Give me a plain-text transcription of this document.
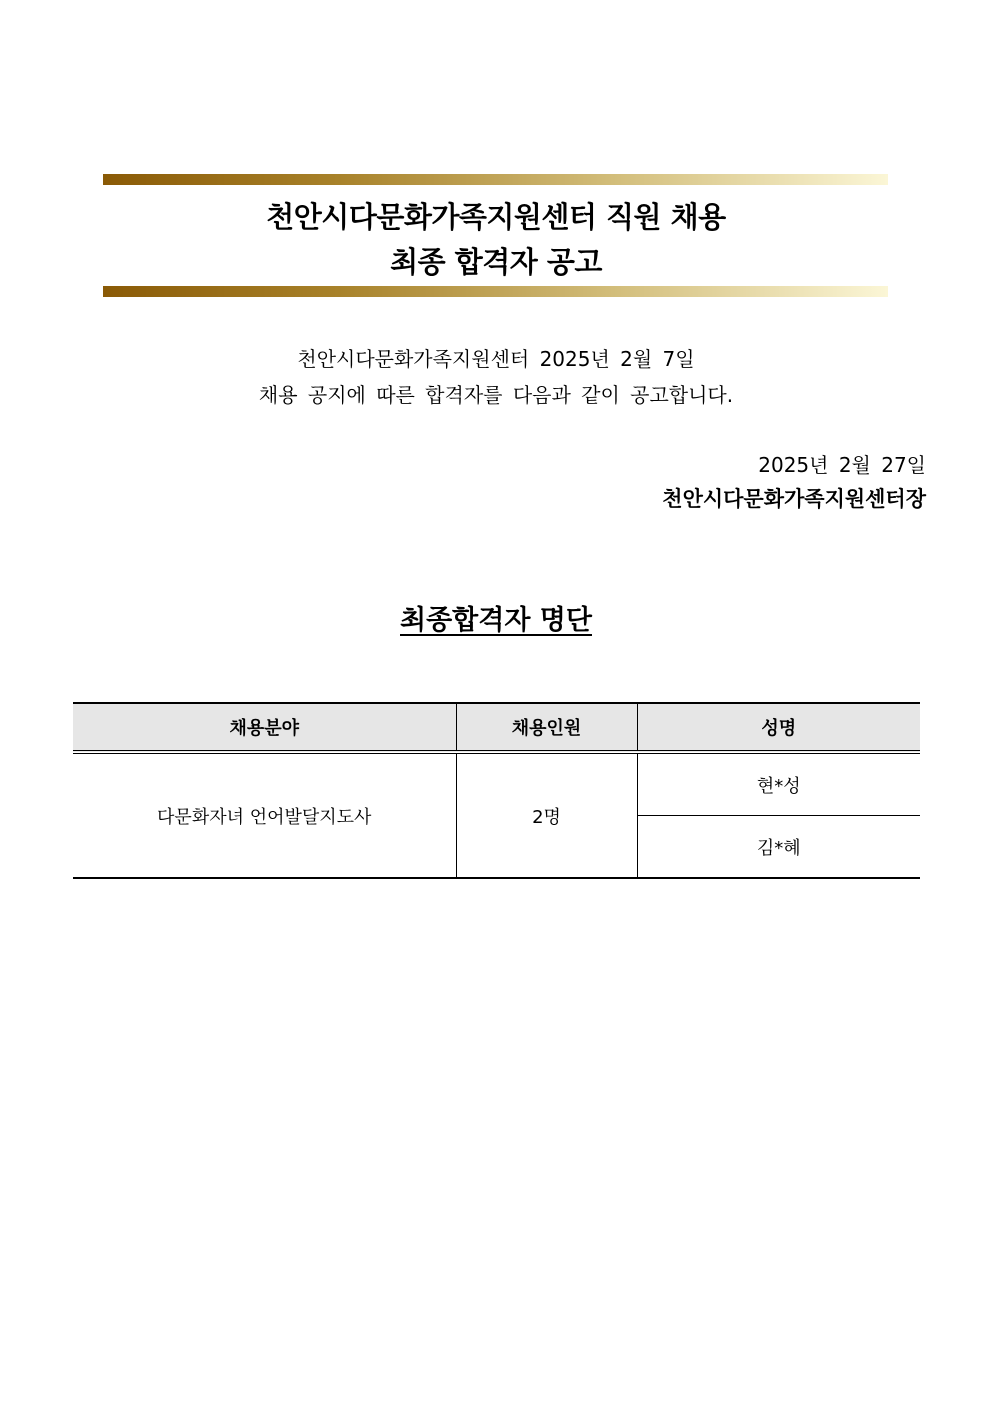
천안시다문화가족지원센터 직원 채용
최종 합격자 공고
천안시다문화가족지원센터 2025년 2월 7일
채용 공지에 따른 합격자를 다음과 같이 공고합니다.
2025년 2월 27일
천안시다문화가족지원센터장
최종합격자 명단
채용분야	채용인원	성명
다문화자녀 언어발달지도사	2명	현*성
		김*혜
